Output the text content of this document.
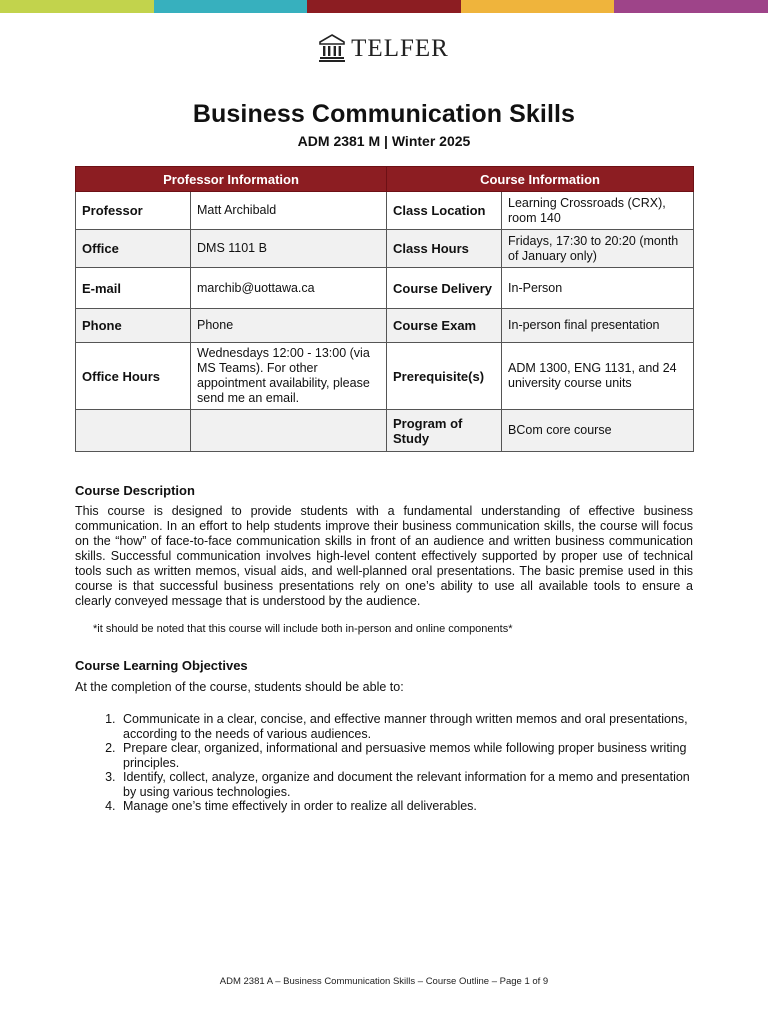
TELFER
Business Communication Skills
ADM 2381 M | Winter 2025
Professor Information		Course Information	
Professor	Matt Archibald	Class Location	Learning Crossroads (CRX), room 140
Office	DMS 1101 B	Class Hours	Fridays, 17:30 to 20:20 (month of January only)
E-mail	marchib@uottawa.ca	Course Delivery	In-Person
Phone	Phone	Course Exam	In-person final presentation
Office Hours	Wednesdays 12:00 - 13:00 (via MS Teams). For other appointment availability, please send me an email.	Prerequisite(s)	ADM 1300, ENG 1131, and 24 university course units
		Program of Study	BCom core course

Course Description

This course is designed to provide students with a fundamental understanding of effective business communication. In an effort to help students improve their business communication skills, the course will focus on the “how” of face-to-face communication skills in front of an audience and written business communication skills. Successful communication involves high-level content effectively supported by proper use of technical tools such as written memos, visual aids, and well-planned oral presentations. The basic premise used in this course is that successful business presentations rely on one’s ability to use all available tools to ensure a clearly conveyed message that is understood by the audience.

*it should be noted that this course will include both in-person and online components*

Course Learning Objectives

At the completion of the course, students should be able to:

1. Communicate in a clear, concise, and effective manner through written memos and oral presentations, according to the needs of various audiences.
2. Prepare clear, organized, informational and persuasive memos while following proper business writing principles.
3. Identify, collect, analyze, organize and document the relevant information for a memo and presentation by using various technologies.
4. Manage one’s time effectively in order to realize all deliverables.
ADM 2381 A – Business Communication Skills – Course Outline – Page 1 of 9
